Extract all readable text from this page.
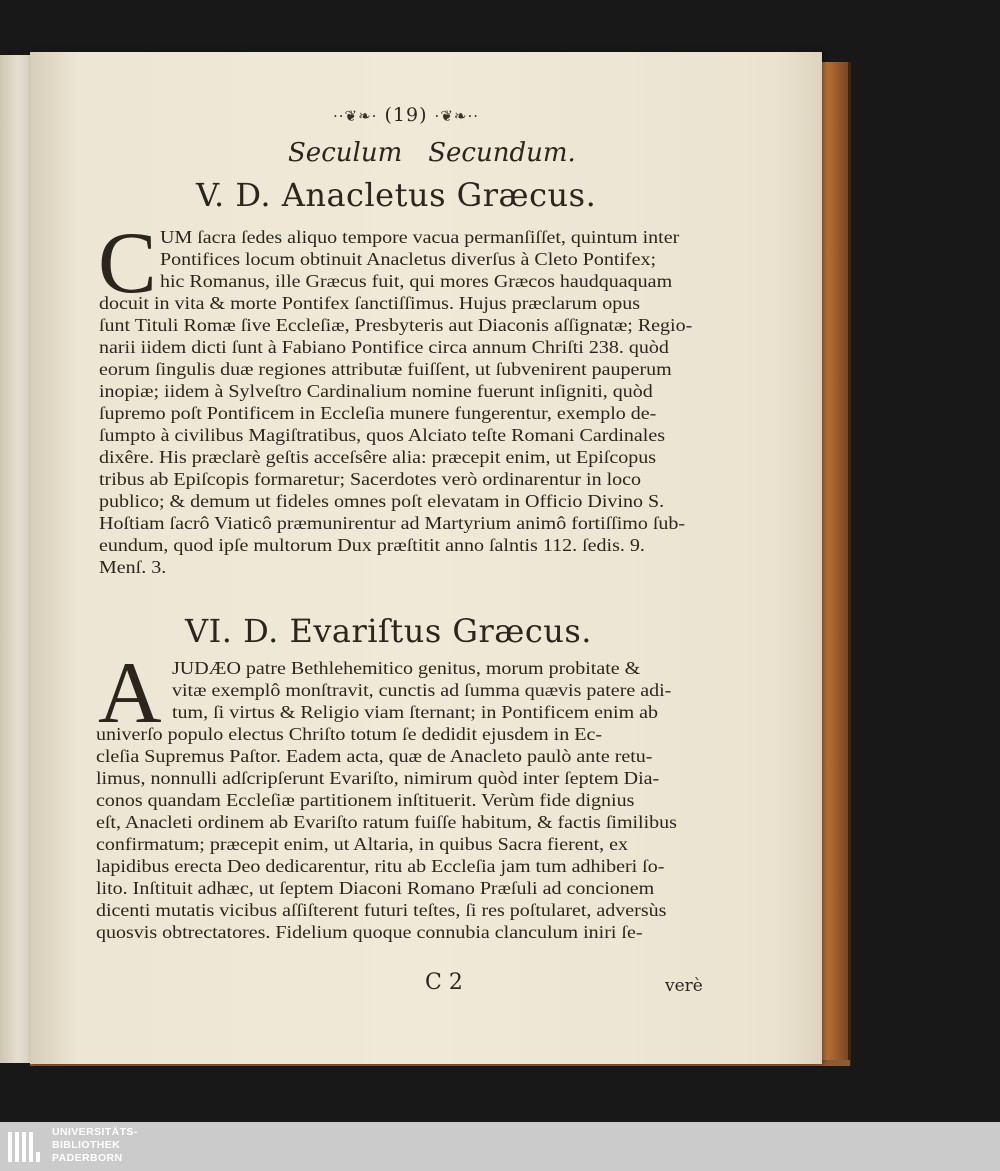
··❦❧· (19) ·❦❧··
Seculum Secundum.
V. D. Anacletus Græcus.
C UM ſacra ſedes aliquo tempore vacua permanſiſſet, quintum inter
Pontifices locum obtinuit Anacletus diverſus à Cleto Pontifex;
hic Romanus, ille Græcus fuit, qui mores Græcos haudquaquam
docuit in vita & morte Pontifex ſanctiſſimus. Hujus præclarum opus
ſunt Tituli Romæ ſive Eccleſiæ, Presbyteris aut Diaconis aſſignatæ; Regio-
narii iidem dicti ſunt à Fabiano Pontifice circa annum Chriſti 238. quòd
eorum ſingulis duæ regiones attributæ fuiſſent, ut ſubvenirent pauperum
inopiæ; iidem à Sylveſtro Cardinalium nomine fuerunt inſigniti, quòd
ſupremo poſt Pontificem in Eccleſia munere fungerentur, exemplo de-
ſumpto à civilibus Magiſtratibus, quos Alciato teſte Romani Cardinales
dixêre. His præclarè geſtis acceſsêre alia: præcepit enim, ut Epiſcopus
tribus ab Epiſcopis formaretur; Sacerdotes verò ordinarentur in loco
publico; & demum ut fideles omnes poſt elevatam in Officio Divino S.
Hoſtiam ſacrô Viaticô præmunirentur ad Martyrium animô fortiſſimo ſub-
eundum, quod ipſe multorum Dux præſtitit anno ſalntis 112. ſedis. 9.
Menſ. 3.
VI. D. Evariſtus Græcus.
A JUDÆO patre Bethlehemitico genitus, morum probitate &
vitæ exemplô monſtravit, cunctis ad ſumma quævis patere adi-
tum, ſi virtus & Religio viam ſternant; in Pontificem enim ab
univerſo populo electus Chriſto totum ſe dedidit ejusdem in Ec-
cleſia Supremus Paſtor. Eadem acta, quæ de Anacleto paulò ante retu-
limus, nonnulli adſcripſerunt Evariſto, nimirum quòd inter ſeptem Dia-
conos quandam Eccleſiæ partitionem inſtituerit. Verùm fide dignius
eſt, Anacleti ordinem ab Evariſto ratum fuiſſe habitum, & factis ſimilibus
confirmatum; præcepit enim, ut Altaria, in quibus Sacra fierent, ex
lapidibus erecta Deo dedicarentur, ritu ab Eccleſia jam tum adhiberi ſo-
lito. Inſtituit adhæc, ut ſeptem Diaconi Romano Præſuli ad concionem
dicenti mutatis vicibus aſſiſterent futuri teſtes, ſi res poſtularet, adversùs
quosvis obtrectatores. Fidelium quoque connubia clanculum iniri ſe-
C 2	verè
UNIVERSITÄTS-
BIBLIOTHEK
PADERBORN
